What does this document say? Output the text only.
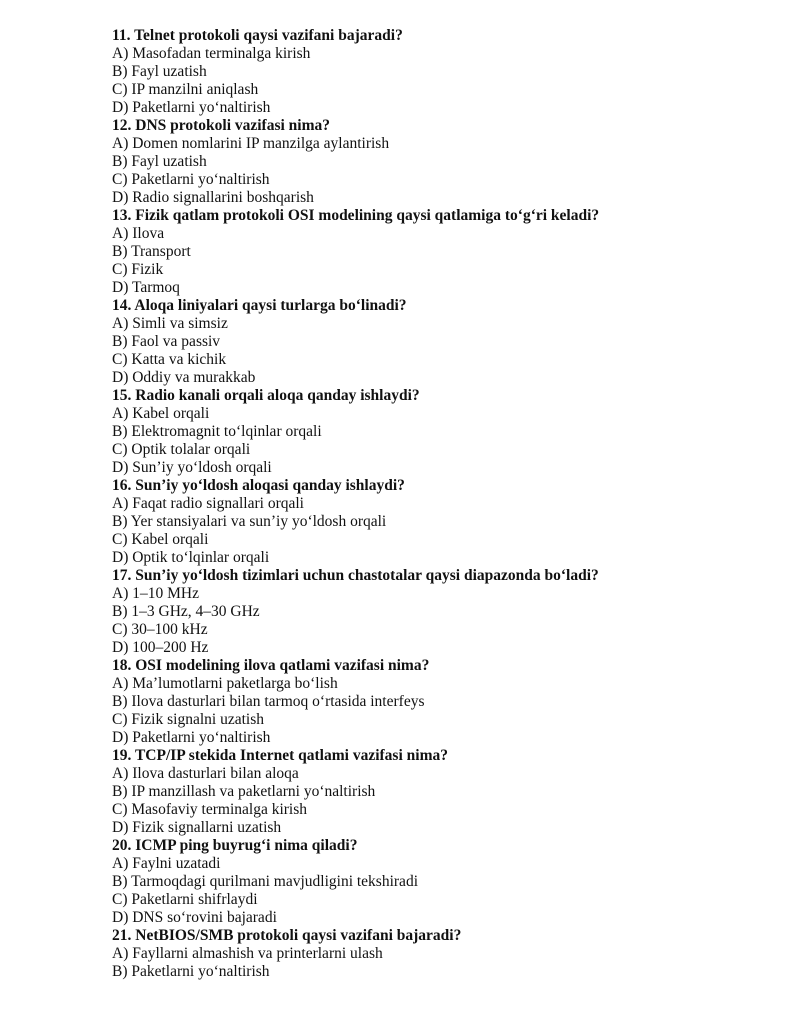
11. Telnet protokoli qaysi vazifani bajaradi?
A) Masofadan terminalga kirish
B) Fayl uzatish
C) IP manzilni aniqlash
D) Paketlarni yo‘naltirish
12. DNS protokoli vazifasi nima?
A) Domen nomlarini IP manzilga aylantirish
B) Fayl uzatish
C) Paketlarni yo‘naltirish
D) Radio signallarini boshqarish
13. Fizik qatlam protokoli OSI modelining qaysi qatlamiga to‘g‘ri keladi?
A) Ilova
B) Transport
C) Fizik
D) Tarmoq
14. Aloqa liniyalari qaysi turlarga bo‘linadi?
A) Simli va simsiz
B) Faol va passiv
C) Katta va kichik
D) Oddiy va murakkab
15. Radio kanali orqali aloqa qanday ishlaydi?
A) Kabel orqali
B) Elektromagnit to‘lqinlar orqali
C) Optik tolalar orqali
D) Sun’iy yo‘ldosh orqali
16. Sun’iy yo‘ldosh aloqasi qanday ishlaydi?
A) Faqat radio signallari orqali
B) Yer stansiyalari va sun’iy yo‘ldosh orqali
C) Kabel orqali
D) Optik to‘lqinlar orqali
17. Sun’iy yo‘ldosh tizimlari uchun chastotalar qaysi diapazonda bo‘ladi?
A) 1–10 MHz
B) 1–3 GHz, 4–30 GHz
C) 30–100 kHz
D) 100–200 Hz
18. OSI modelining ilova qatlami vazifasi nima?
A) Ma’lumotlarni paketlarga bo‘lish
B) Ilova dasturlari bilan tarmoq o‘rtasida interfeys
C) Fizik signalni uzatish
D) Paketlarni yo‘naltirish
19. TCP/IP stekida Internet qatlami vazifasi nima?
A) Ilova dasturlari bilan aloqa
B) IP manzillash va paketlarni yo‘naltirish
C) Masofaviy terminalga kirish
D) Fizik signallarni uzatish
20. ICMP ping buyrug‘i nima qiladi?
A) Faylni uzatadi
B) Tarmoqdagi qurilmani mavjudligini tekshiradi
C) Paketlarni shifrlaydi
D) DNS so‘rovini bajaradi
21. NetBIOS/SMB protokoli qaysi vazifani bajaradi?
A) Fayllarni almashish va printerlarni ulash
B) Paketlarni yo‘naltirish
